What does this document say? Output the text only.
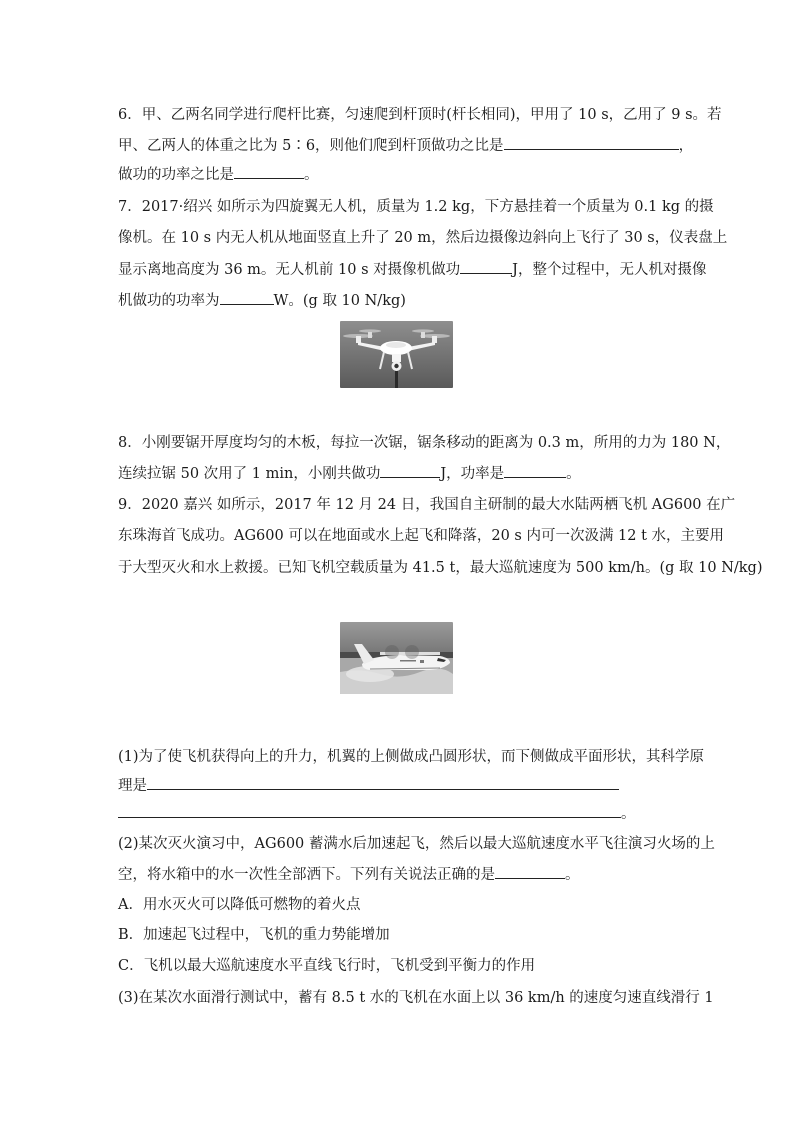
6．甲、乙两名同学进行爬杆比赛，匀速爬到杆顶时(杆长相同)，甲用了 10 s，乙用了 9 s。若
甲、乙两人的体重之比为 5∶6，则他们爬到杆顶做功之比是	，
做功的功率之比是	。
7．2017·绍兴 如所示为四旋翼无人机，质量为 1.2 kg，下方悬挂着一个质量为 0.1 kg 的摄
像机。在 10 s 内无人机从地面竖直上升了 20 m，然后边摄像边斜向上飞行了 30 s，仪表盘上
显示离地高度为 36 m。无人机前 10 s 对摄像机做功	J，整个过程中，无人机对摄像
机做功的功率为	W。(g 取 10 N/kg)
8．小刚要锯开厚度均匀的木板，每拉一次锯，锯条移动的距离为 0.3 m，所用的力为 180 N，
连续拉锯 50 次用了 1 min，小刚共做功	J，功率是	。
9．2020 嘉兴 如所示，2017 年 12 月 24 日，我国自主研制的最大水陆两栖飞机 AG600 在广
东珠海首飞成功。AG600 可以在地面或水上起飞和降落，20 s 内可一次汲满 12 t 水，主要用
于大型灭火和水上救援。已知飞机空载质量为 41.5 t，最大巡航速度为 500 km/h。(g 取 10 N/kg)
(1)为了使飞机获得向上的升力，机翼的上侧做成凸圆形状，而下侧做成平面形状，其科学原
理是
。
(2)某次灭火演习中，AG600 蓄满水后加速起飞，然后以最大巡航速度水平飞往演习火场的上
空，将水箱中的水一次性全部洒下。下列有关说法正确的是	。
A．用水灭火可以降低可燃物的着火点
B．加速起飞过程中，飞机的重力势能增加
C．飞机以最大巡航速度水平直线飞行时，飞机受到平衡力的作用
(3)在某次水面滑行测试中，蓄有 8.5 t 水的飞机在水面上以 36 km/h 的速度匀速直线滑行 1
